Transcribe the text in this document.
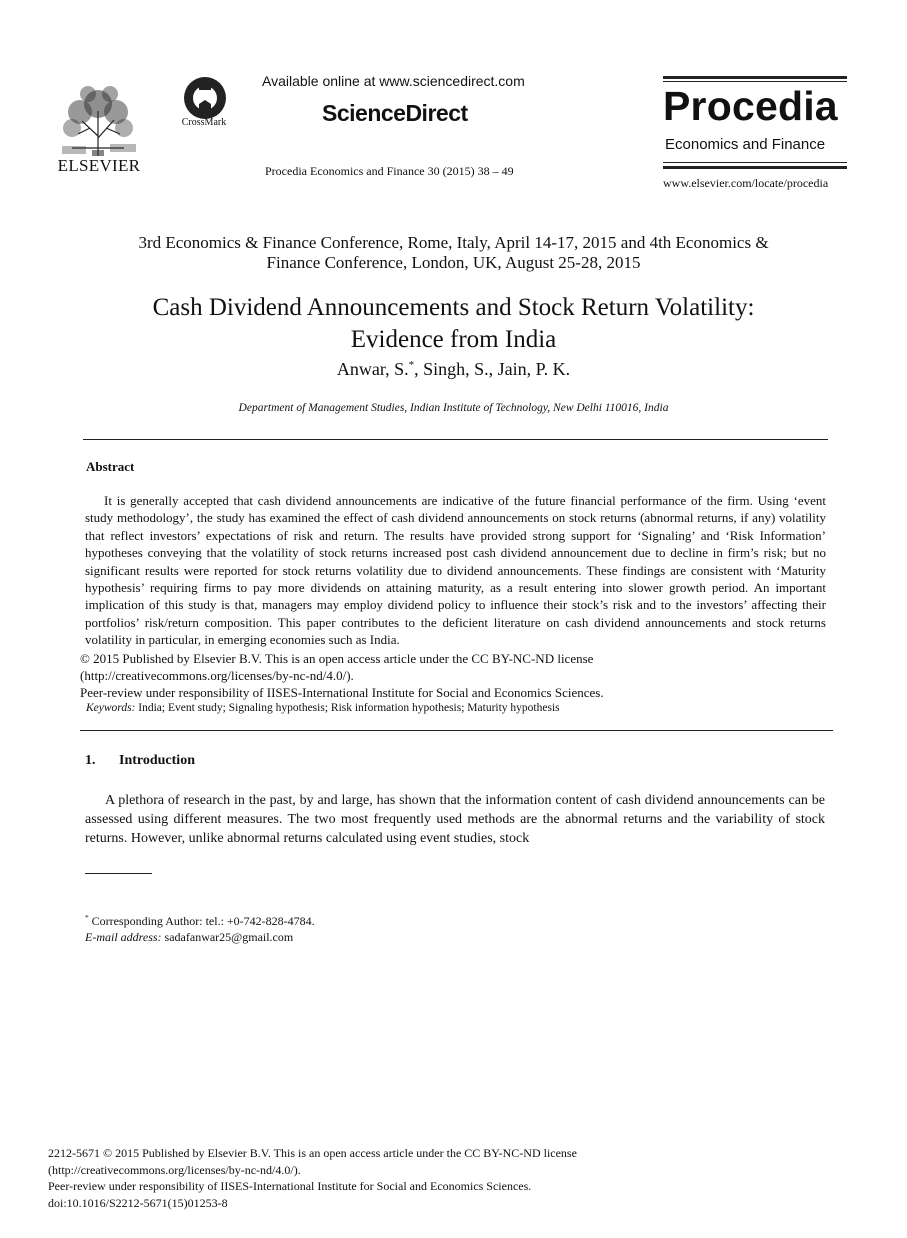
ELSEVIER
CrossMark
Available online at www.sciencedirect.com
ScienceDirect
Procedia Economics and Finance 30 (2015) 38 – 49
Procedia
Economics and Finance
www.elsevier.com/locate/procedia
3rd Economics & Finance Conference, Rome, Italy, April 14-17, 2015 and 4th Economics &
Finance Conference, London, UK, August 25-28, 2015
Cash Dividend Announcements and Stock Return Volatility:
Evidence from India
Anwar, S.*, Singh, S., Jain, P. K.
Department of Management Studies, Indian Institute of Technology, New Delhi 110016, India
Abstract
It is generally accepted that cash dividend announcements are indicative of the future financial performance of the firm. Using ‘event study methodology’, the study has examined the effect of cash dividend announcements on stock returns (abnormal returns, if any) volatility that reflect investors’ expectations of risk and return. The results have provided strong support for ‘Signaling’ and ‘Risk Information’ hypotheses conveying that the volatility of stock returns increased post cash dividend announcement due to decline in firm’s risk; but no significant results were reported for stock returns volatility due to dividend announcements. These findings are consistent with ‘Maturity hypothesis’ requiring firms to pay more dividends on attaining maturity, as a result entering into slower growth period. An important implication of this study is that, managers may employ dividend policy to influence their stock’s risk and to the investors’ affecting their portfolios’ risk/return composition. This paper contributes to the deficient literature on cash dividend announcements and stock returns volatility in particular, in emerging economies such as India.
© 2015 Published by Elsevier B.V. This is an open access article under the CC BY-NC-ND license
(http://creativecommons.org/licenses/by-nc-nd/4.0/).
Peer-review under responsibility of IISES-International Institute for Social and Economics Sciences.
Keywords: India; Event study; Signaling hypothesis; Risk information hypothesis; Maturity hypothesis
1. Introduction
A plethora of research in the past, by and large, has shown that the information content of cash dividend announcements can be assessed using different measures. The two most frequently used methods are the abnormal returns and the variability of stock returns. However, unlike abnormal returns calculated using event studies, stock
* Corresponding Author: tel.: +0-742-828-4784.
E-mail address: sadafanwar25@gmail.com
2212-5671 © 2015 Published by Elsevier B.V. This is an open access article under the CC BY-NC-ND license
(http://creativecommons.org/licenses/by-nc-nd/4.0/).
Peer-review under responsibility of IISES-International Institute for Social and Economics Sciences.
doi:10.1016/S2212-5671(15)01253-8
